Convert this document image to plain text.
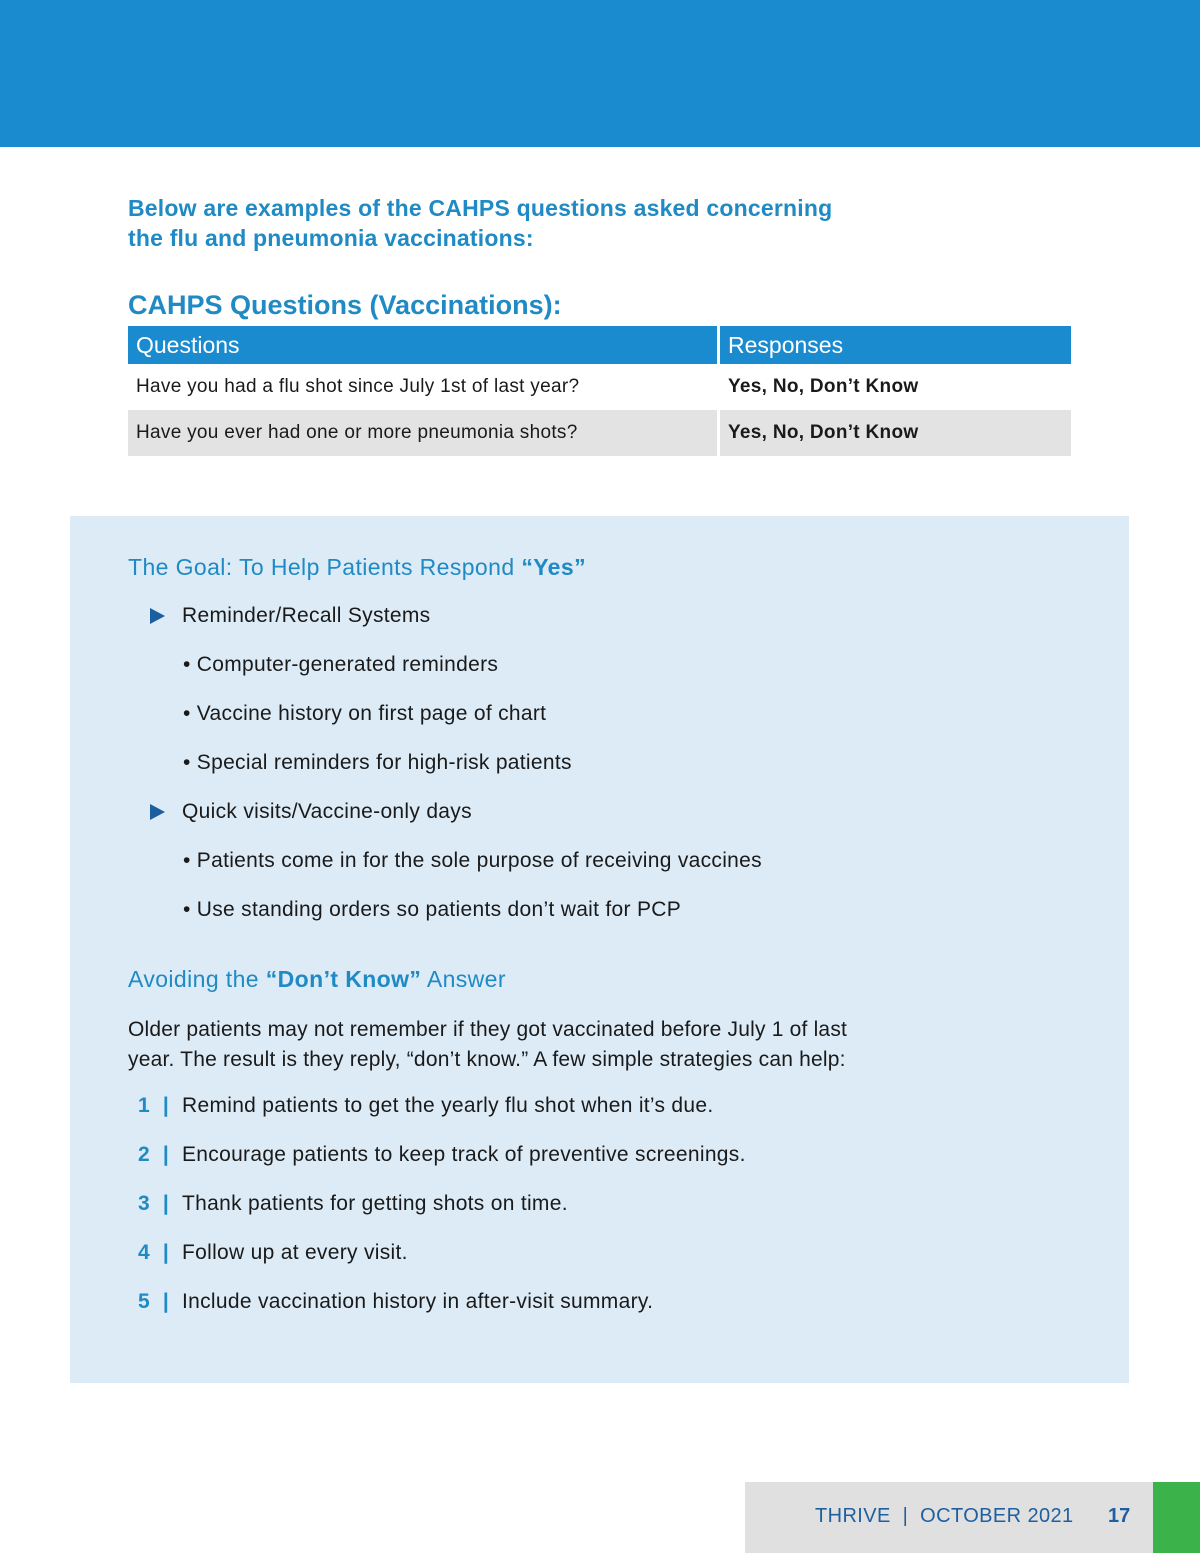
Below are examples of the CAHPS questions asked concerning
the flu and pneumonia vaccinations:
CAHPS Questions (Vaccinations):
Questions	Responses
Have you had a flu shot since July 1st of last year?	Yes, No, Don’t Know
Have you ever had one or more pneumonia shots?	Yes, No, Don’t Know
The Goal: To Help Patients Respond “Yes”
Reminder/Recall Systems
• Computer-generated reminders
• Vaccine history on first page of chart
• Special reminders for high-risk patients
Quick visits/Vaccine-only days
• Patients come in for the sole purpose of receiving vaccines
• Use standing orders so patients don’t wait for PCP
Avoiding the “Don’t Know” Answer
Older patients may not remember if they got vaccinated before July 1 of last
year. The result is they reply, “don’t know.” A few simple strategies can help:
1 | Remind patients to get the yearly flu shot when it’s due.
2 | Encourage patients to keep track of preventive screenings.
3 | Thank patients for getting shots on time.
4 | Follow up at every visit.
5 | Include vaccination history in after-visit summary.
THRIVE  |  OCTOBER 2021 17
